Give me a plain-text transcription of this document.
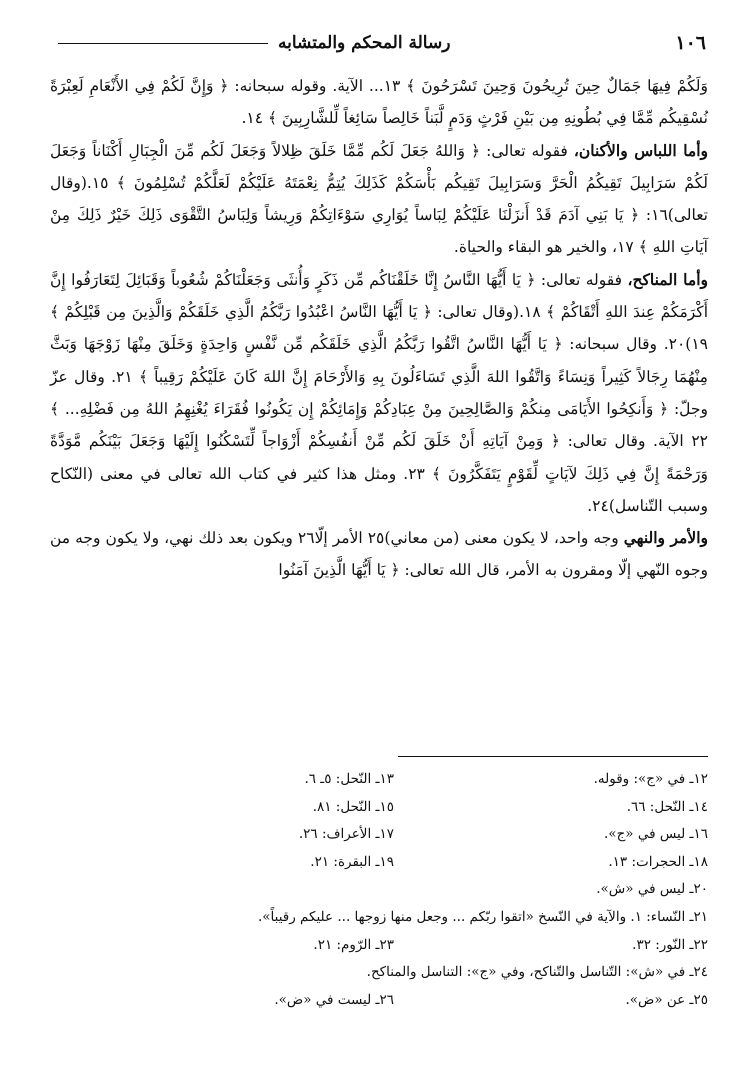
١٠٦
رسالة المحكم والمتشابه

وَلَكُمْ فِيهَا جَمَالٌ حِينَ تُرِيحُونَ وَحِينَ تَسْرَحُونَ ﴾ ١٣... الآية. وقوله سبحانه: ﴿ وَإِنَّ لَكُمْ فِي الأَنْعَامِ لَعِبْرَةً نُسْقِيكُم مِّمَّا فِي بُطُونِهِ مِن بَيْنِ فَرْثٍ وَدَمٍ لَّبَناً خَالِصاً سَائِغاً لِّلشَّارِبِينَ ﴾ ١٤.

وأما اللباس والأكنان، فقوله تعالى: ﴿ وَاللهُ جَعَلَ لَكُم مِّمَّا خَلَقَ ظِلالاً وَجَعَلَ لَكُم مِّنَ الْجِبَالِ أَكْنَاناً وَجَعَلَ لَكُمْ سَرَابِيلَ تَقِيكُمُ الْحَرَّ وَسَرَابِيلَ تَقِيكُم بَأْسَكُمْ كَذَلِكَ يُتِمُّ نِعْمَتَهُ عَلَيْكُمْ لَعَلَّكُمْ تُسْلِمُونَ ﴾ ١٥.(وقال تعالى)١٦: ﴿ يَا بَنِي آدَمَ قَدْ أَنزَلْنَا عَلَيْكُمْ لِبَاساً يُوَارِي سَوْءَاتِكُمْ وَرِيشاً وَلِبَاسُ التَّقْوَى ذَلِكَ خَيْرٌ ذَلِكَ مِنْ آيَاتِ اللهِ ﴾ ١٧، والخير هو البقاء والحياة.

وأما المناكح، فقوله تعالى: ﴿ يَا أَيُّهَا النَّاسُ إِنَّا خَلَقْنَاكُم مِّن ذَكَرٍ وَأُنثَى وَجَعَلْنَاكُمْ شُعُوباً وَقَبَائِلَ لِتَعَارَفُوا إِنَّ أَكْرَمَكُمْ عِندَ اللهِ أَتْقَاكُمْ ﴾ ١٨.(وقال تعالى: ﴿ يَا أَيُّهَا النَّاسُ اعْبُدُوا رَبَّكُمُ الَّذِي خَلَقَكُمْ وَالَّذِينَ مِن قَبْلِكُمْ ﴾ ١٩)٢٠. وقال سبحانه: ﴿ يَا أَيُّهَا النَّاسُ اتَّقُوا رَبَّكُمُ الَّذِي خَلَقَكُم مِّن نَّفْسٍ وَاحِدَةٍ وَخَلَقَ مِنْهَا زَوْجَهَا وَبَثَّ مِنْهُمَا رِجَالاً كَثِيراً وَنِسَاءً وَاتَّقُوا اللهَ الَّذِي تَسَاءَلُونَ بِهِ وَالأَرْحَامَ إِنَّ اللهَ كَانَ عَلَيْكُمْ رَقِيباً ﴾ ٢١. وقال عزّ وجلّ: ﴿ وَأَنكِحُوا الأَيَامَى مِنكُمْ وَالصَّالِحِينَ مِنْ عِبَادِكُمْ وَإِمَائِكُمْ إِن يَكُونُوا فُقَرَاءَ يُغْنِهِمُ اللهُ مِن فَضْلِهِ... ﴾ ٢٢ الآية. وقال تعالى: ﴿ وَمِنْ آيَاتِهِ أَنْ خَلَقَ لَكُم مِّنْ أَنفُسِكُمْ أَزْوَاجاً لِّتَسْكُنُوا إِلَيْهَا وَجَعَلَ بَيْنَكُم مَّوَدَّةً وَرَحْمَةً إِنَّ فِي ذَلِكَ لآيَاتٍ لِّقَوْمٍ يَتَفَكَّرُونَ ﴾ ٢٣. ومثل هذا كثير في كتاب الله تعالى في معنى (النّكاح وسبب التّناسل)٢٤.

والأمر والنهي وجه واحد، لا يكون معنى (من معاني)٢٥ الأمر إلّا٢٦ ويكون بعد ذلك نهي، ولا يكون وجه من وجوه النّهي إلّا ومقرون به الأمر، قال الله تعالى: ﴿ يَا أَيُّهَا الَّذِينَ آمَنُوا

١٢ـ في «ج»: وقوله.
١٣ـ النّحل: ٥ـ ٦.
١٤ـ النّحل: ٦٦.
١٥ـ النّحل: ٨١.
١٦ـ ليس في «ج».
١٧ـ الأعراف: ٢٦.
١٨ـ الحجرات: ١٣.
١٩ـ البقرة: ٢١.
٢٠ـ ليس في «ش».
٢١ـ النّساء: ١. والآية في النّسخ «اتقوا ربّكم ... وجعل منها زوجها ... عليكم رقيباً».
٢٢ـ النّور: ٣٢.
٢٣ـ الرّوم: ٢١.
٢٤ـ في «ش»: التّناسل والتّناكح، وفي «ج»: التناسل والمناكح.
٢٥ـ عن «ض».
٢٦ـ ليست في «ض».
